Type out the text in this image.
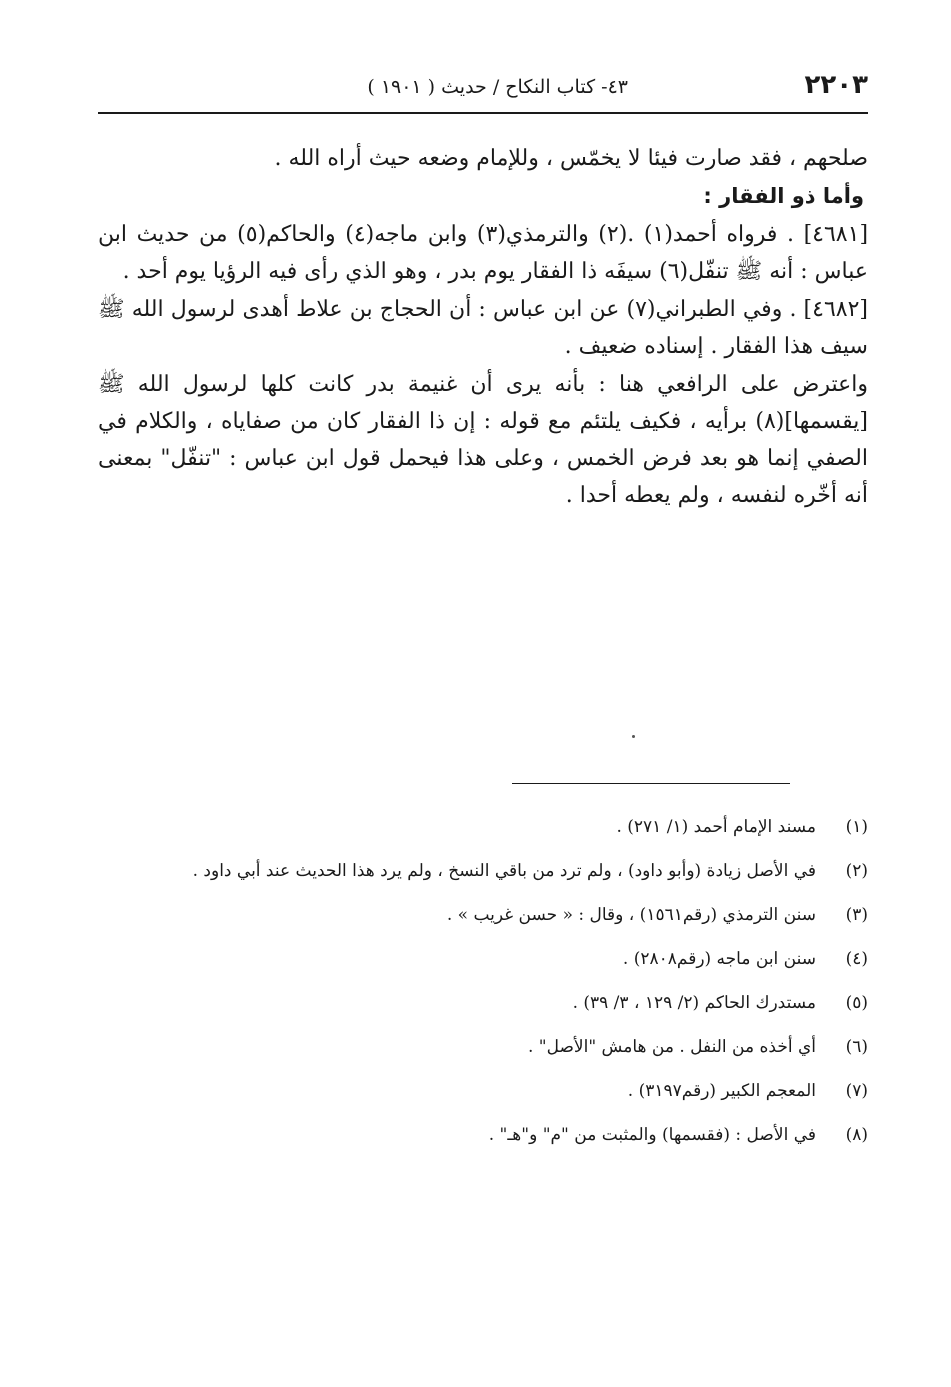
٢٢٠٣
٤٣- كتاب النكاح / حديث ( ١٩٠١ )

صلحهم ، فقد صارت فيئا لا يخمّس ، وللإمام وضعه حيث أراه الله .

وأما ذو الفقار :

[٤٦٨١] . فرواه أحمد(١) .(٢) والترمذي(٣) وابن ماجه(٤) والحاكم(٥) من حديث ابن عباس : أنه ﷺ تنفّل(٦) سيفَه ذا الفقار يوم بدر ، وهو الذي رأى فيه الرؤيا يوم أحد .

[٤٦٨٢] . وفي الطبراني(٧) عن ابن عباس : أن الحجاج بن علاط أهدى لرسول الله ﷺ سيف هذا الفقار . إسناده ضعيف .

واعترض على الرافعي هنا : بأنه يرى أن غنيمة بدر كانت كلها لرسول الله ﷺ [يقسمها](٨) برأيه ، فكيف يلتئم مع قوله : إن ذا الفقار كان من صفاياه ، والكلام في الصفي إنما هو بعد فرض الخمس ، وعلى هذا فيحمل قول ابن عباس : "تنفّل" بمعنى أنه أخّره لنفسه ، ولم يعطه أحدا .

(١)مسند الإمام أحمد (١/ ٢٧١) .

(٢)في الأصل زيادة (وأبو داود) ، ولم ترد من باقي النسخ ، ولم يرد هذا الحديث عند أبي داود .

(٣)سنن الترمذي (رقم١٥٦١) ، وقال : « حسن غريب » .

(٤)سنن ابن ماجه (رقم٢٨٠٨) .

(٥)مستدرك الحاكم (٢/ ١٢٩ ، ٣/ ٣٩) .

(٦)أي أخذه من النفل . من هامش "الأصل" .

(٧)المعجم الكبير (رقم٣١٩٧) .

(٨)في الأصل : (فقسمها) والمثبت من "م" و"هـ" .
